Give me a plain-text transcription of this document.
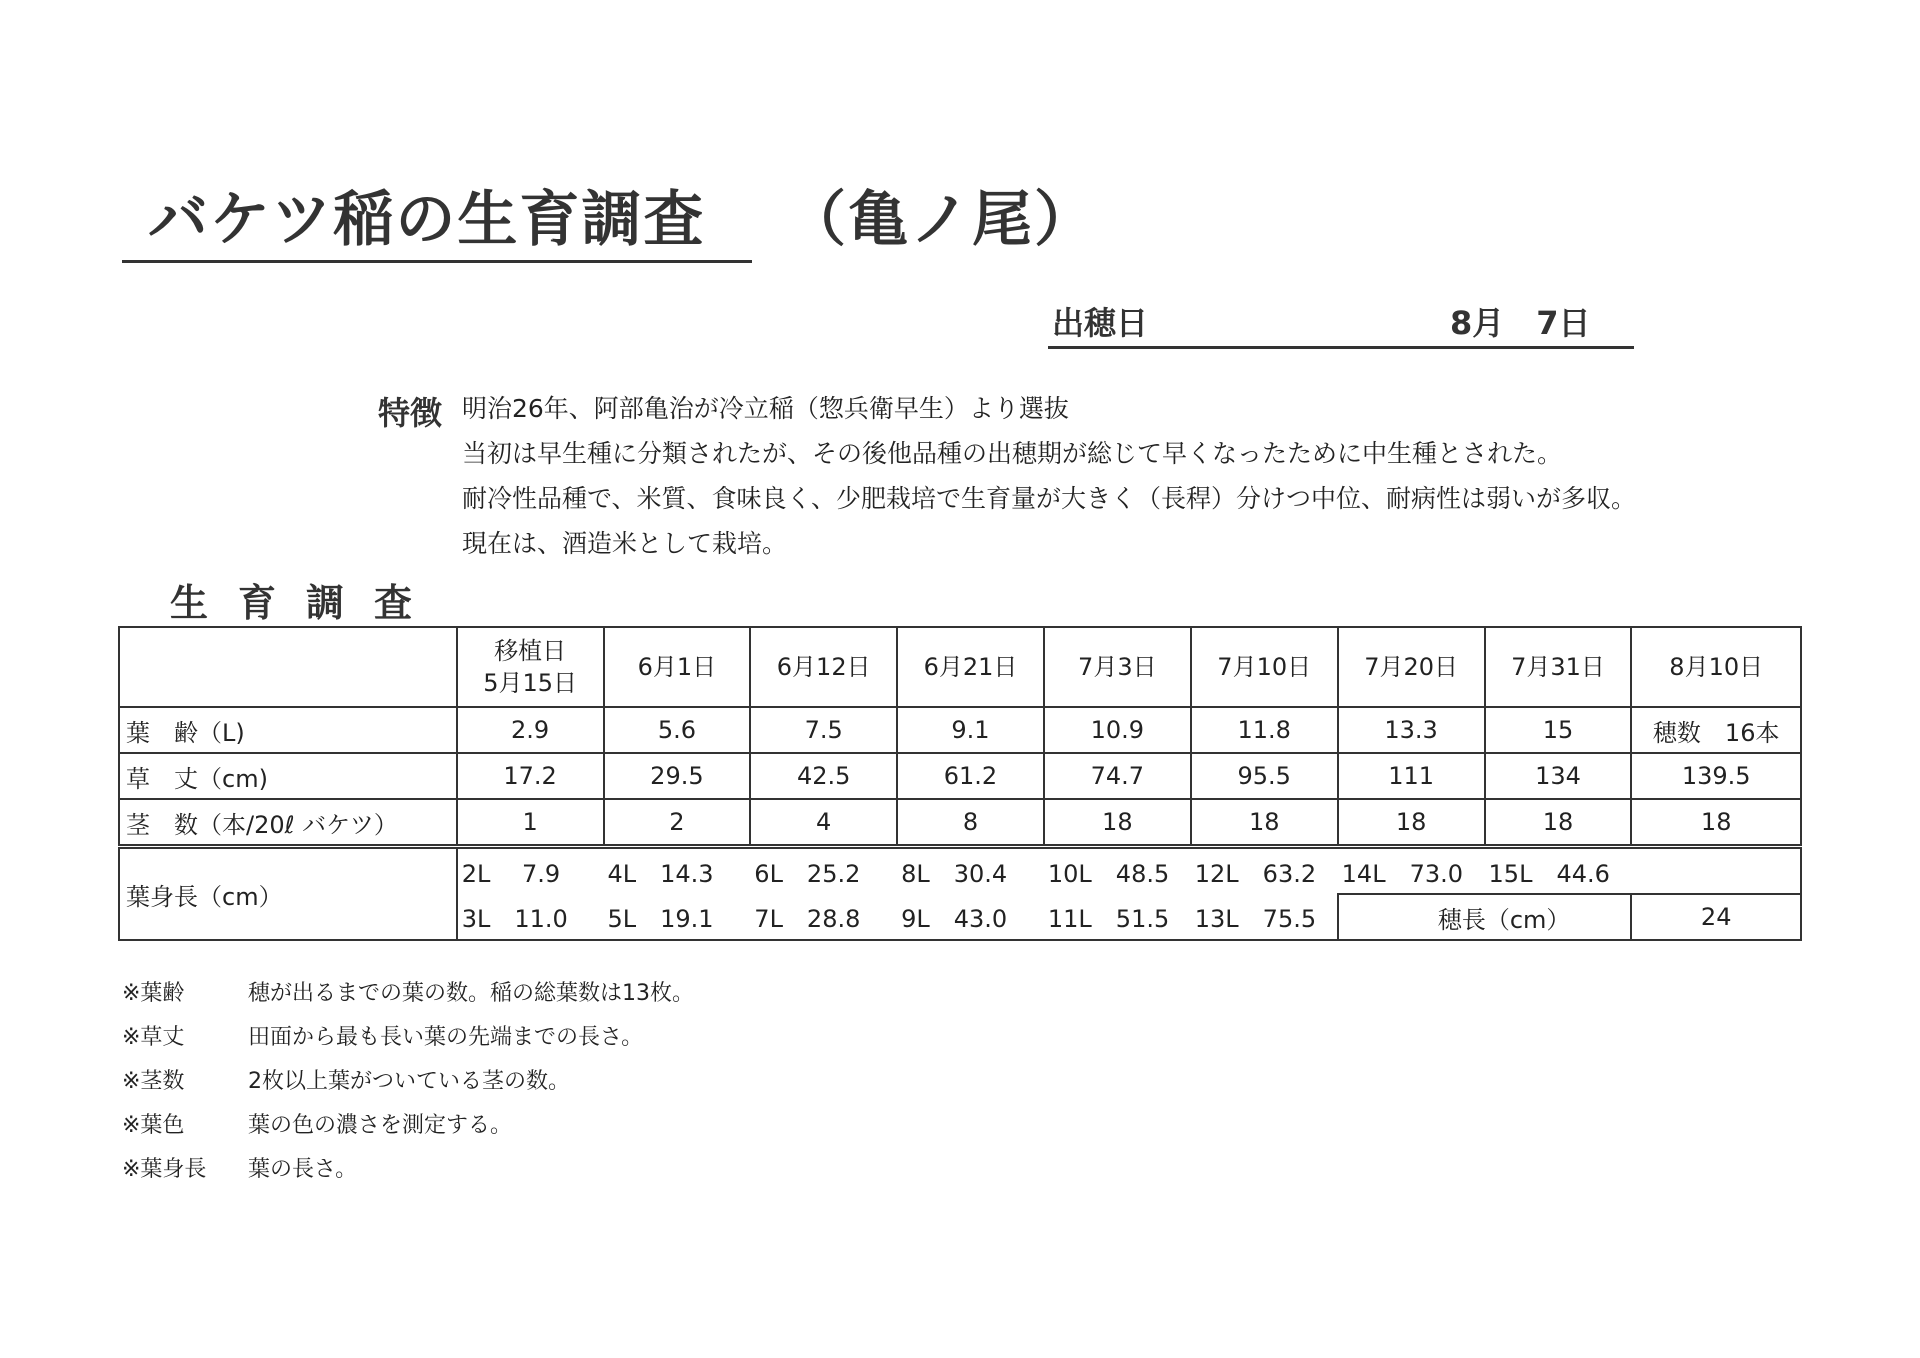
バケツ稲の生育調査 （亀ノ尾）
出穂日	8月　7日
特徴 明治26年、阿部亀治が冷立稲（惣兵衛早生）より選抜
当初は早生種に分類されたが、その後他品種の出穂期が総じて早くなったために中生種とされた。
耐冷性品種で、米質、食味良く、少肥栽培で生育量が大きく（長稈）分けつ中位、耐病性は弱いが多収。
現在は、酒造米として栽培。
生育調査

	移植日
5月15日	6月1日	6月12日	6月21日	7月3日	7月10日	7月20日	7月31日	8月10日
葉　齢（L)	2.9	5.6	7.5	9.1	10.9	11.8	13.3	15	穂数　16本
草　丈（cm)	17.2	29.5	42.5	61.2	74.7	95.5	111	134	139.5
茎　数（本/20ℓ バケツ）	1	2	4	8	18	18	18	18	18
葉身長（cm）	2L　 7.9	4L　14.3	6L　25.2	8L　30.4	10L　48.5	12L　63.2	14L　73.0	15L　44.6	
	3L　11.0	5L　19.1	7L　28.8	9L　43.0	11L　51.5	13L　75.5	穂長（cm）		24
※葉齢	穂が出るまでの葉の数。稲の総葉数は13枚。
※草丈	田面から最も長い葉の先端までの長さ。
※茎数	2枚以上葉がついている茎の数。
※葉色	葉の色の濃さを測定する。
※葉身長 葉の長さ。
